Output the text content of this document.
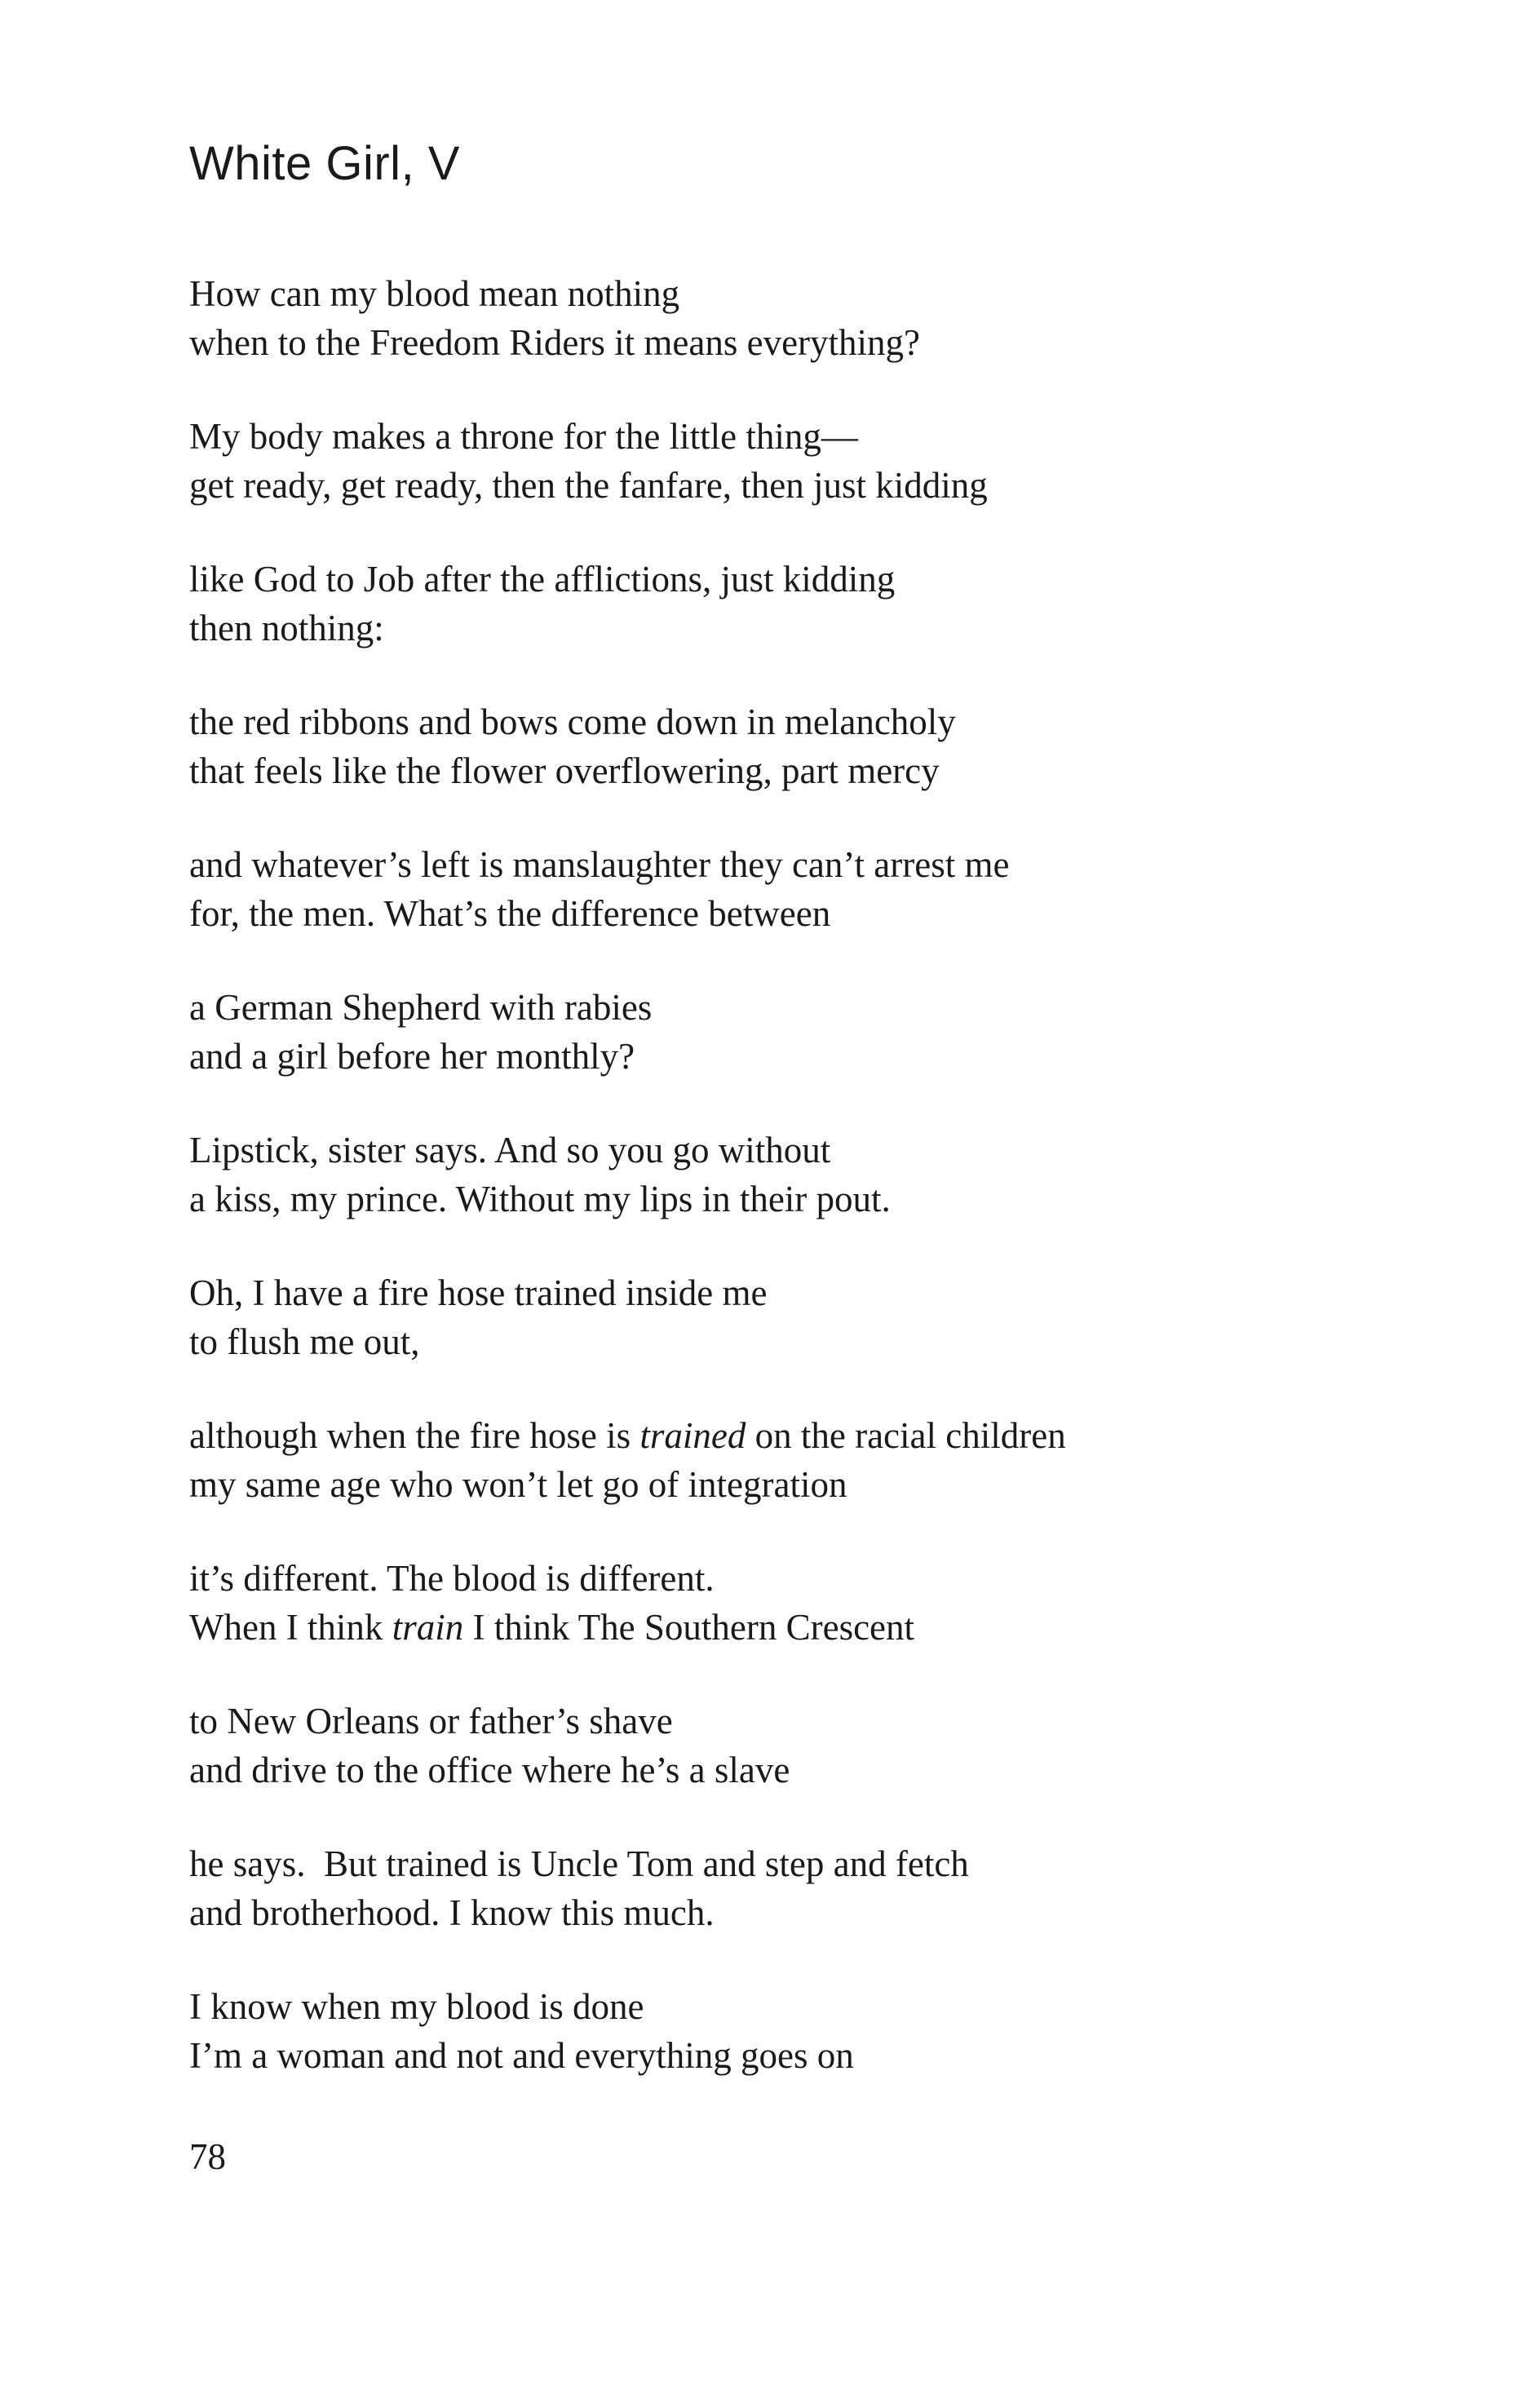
White Girl, V
How can my blood mean nothing
when to the Freedom Riders it means everything?
My body makes a throne for the little thing—
get ready, get ready, then the fanfare, then just kidding
like God to Job after the afflictions, just kidding
then nothing:
the red ribbons and bows come down in melancholy
that feels like the flower overflowering, part mercy
and whatever’s left is manslaughter they can’t arrest me
for, the men. What’s the difference between
a German Shepherd with rabies
and a girl before her monthly?
Lipstick, sister says. And so you go without
a kiss, my prince. Without my lips in their pout.
Oh, I have a fire hose trained inside me
to flush me out,
although when the fire hose is trained on the racial children
my same age who won’t let go of integration
it’s different. The blood is different.
When I think train I think The Southern Crescent
to New Orleans or father’s shave
and drive to the office where he’s a slave
he says.  But trained is Uncle Tom and step and fetch
and brotherhood. I know this much.
I know when my blood is done
I’m a woman and not and everything goes on
78
